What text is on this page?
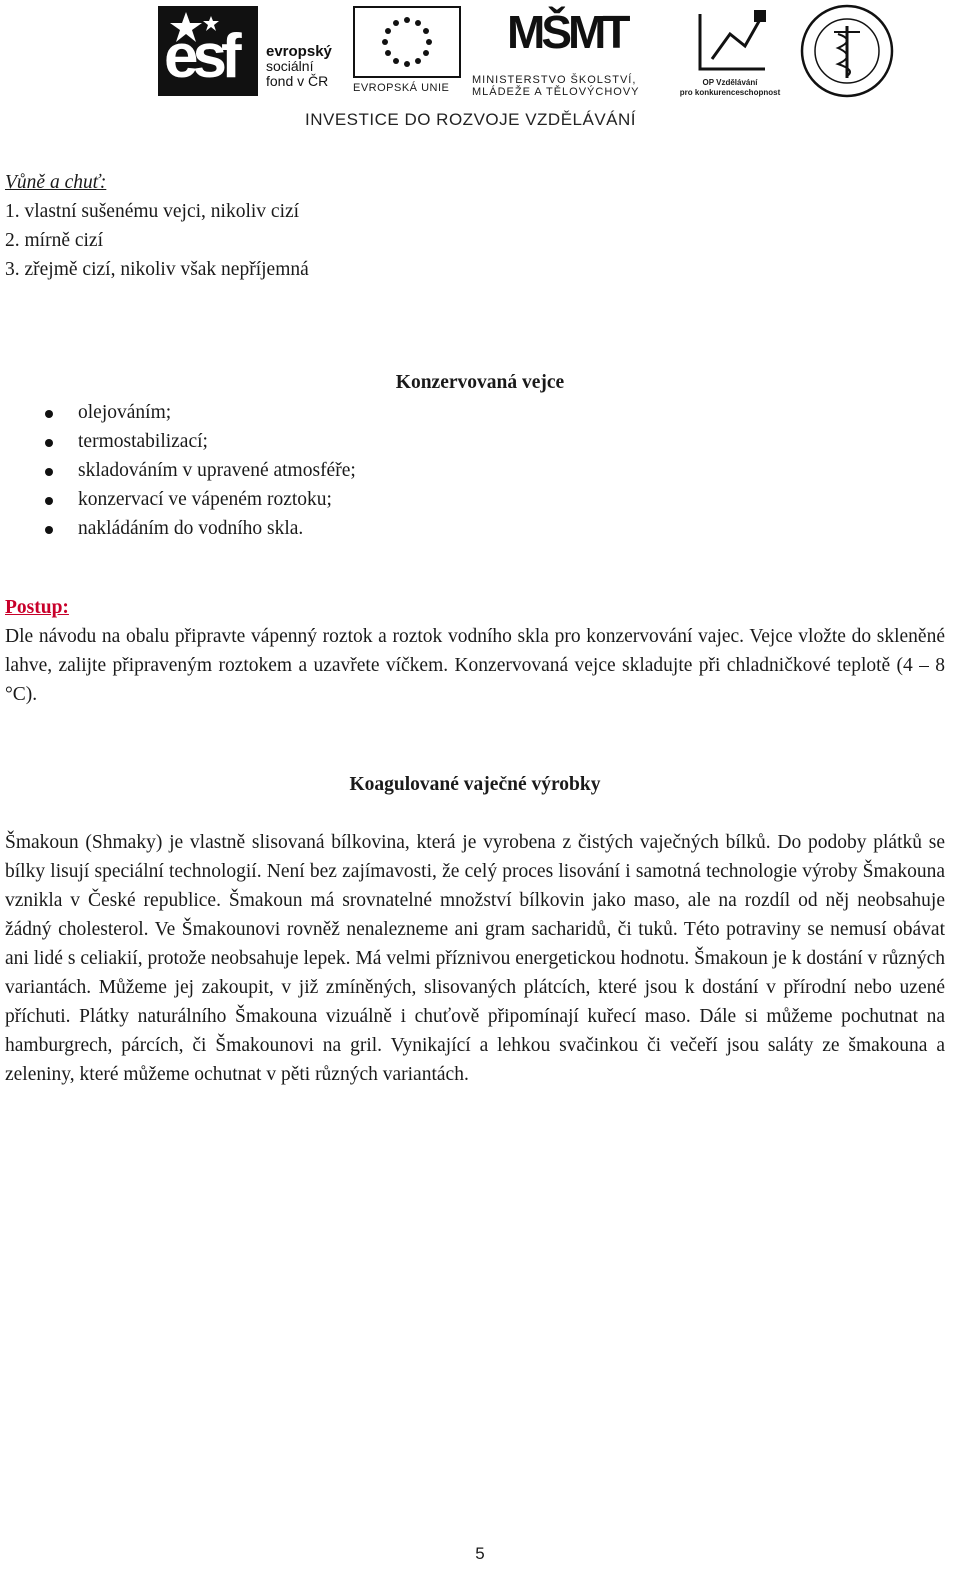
esf evropský
sociální
fond v ČR	EVROPSKÁ UNIE
MŠMT
MINISTERSTVO ŠKOLSTVÍ,
MLÁDEŽE A TĚLOVÝCHOVY
OP Vzdělávání
pro konkurenceschopnost
INVESTICE DO ROZVOJE VZDĚLÁVÁNÍ

Vůně a chuť:

1. vlastní sušenému vejci, nikoliv cizí
2. mírně cizí
3. zřejmě cizí, nikoliv však nepříjemná

Konzervovaná vejce

olejováním;
termostabilizací;
skladováním v upravené atmosféře;
konzervací ve vápeném roztoku;
nakládáním do vodního skla.
Postup:

Dle návodu na obalu připravte vápenný roztok a roztok vodního skla pro konzervování vajec. Vejce vložte do skleněné lahve, zalijte připraveným roztokem a uzavřete víčkem. Konzervovaná vejce skladujte při chladničkové teplotě (4 – 8 °C).

Koagulované vaječné výrobky

Šmakoun (Shmaky) je vlastně slisovaná bílkovina, která je vyrobena z čistých vaječných bílků. Do podoby plátků se bílky lisují speciální technologií. Není bez zajímavosti, že celý proces lisování i samotná technologie výroby Šmakouna vznikla v České republice. Šmakoun má srovnatelné množství bílkovin jako maso, ale na rozdíl od něj neobsahuje žádný cholesterol. Ve Šmakounovi rovněž nenalezneme ani gram sacharidů, či tuků. Této potraviny se nemusí obávat ani lidé s celiakií, protože neobsahuje lepek. Má velmi příznivou energetickou hodnotu. Šmakoun je k dostání v různých variantách. Můžeme jej zakoupit, v již zmíněných, slisovaných plátcích, které jsou k dostání v přírodní nebo uzené příchuti. Plátky naturálního Šmakouna vizuálně i chuťově připomínají kuřecí maso. Dále si můžeme pochutnat na hamburgrech, párcích, či Šmakounovi na gril. Vynikající a lehkou svačinkou či večeří jsou saláty ze šmakouna a zeleniny, které můžeme ochutnat v pěti různých variantách.

5
